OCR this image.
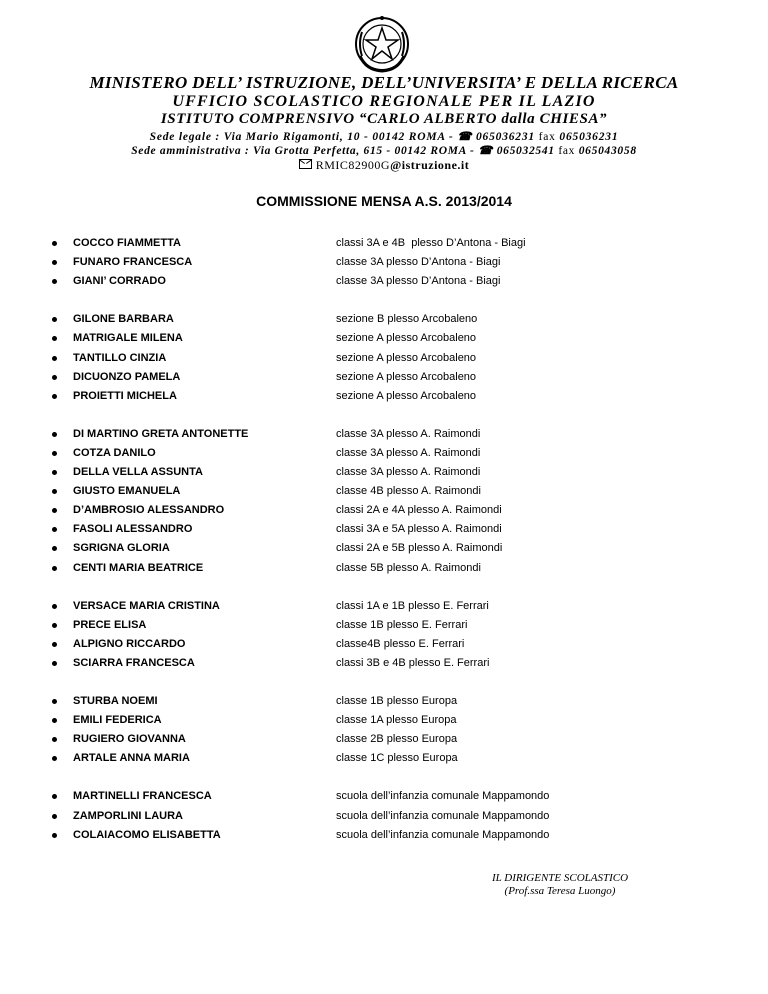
MINISTERO DELL’ ISTRUZIONE, DELL’UNIVERSITA’ E DELLA RICERCA
UFFICIO SCOLASTICO REGIONALE PER IL LAZIO
ISTITUTO COMPRENSIVO “CARLO ALBERTO dalla CHIESA”
Sede legale : Via Mario Rigamonti, 10 - 00142 ROMA - ☎ 065036231 fax 065036231
Sede amministrativa : Via Grotta Perfetta, 615 - 00142 ROMA - ☎ 065032541 fax 065043058
RMIC82900G@istruzione.it
COMMISSIONE MENSA A.S. 2013/2014
COCCO FIAMMETTA	classi 3A e 4B  plesso D’Antona - Biagi
FUNARO FRANCESCA	classe 3A plesso D’Antona - Biagi
GIANI’ CORRADO	classe 3A plesso D’Antona - Biagi
GILONE BARBARA	sezione B plesso Arcobaleno
MATRIGALE MILENA	sezione A plesso Arcobaleno
TANTILLO CINZIA	sezione A plesso Arcobaleno
DICUONZO PAMELA	sezione A plesso Arcobaleno
PROIETTI MICHELA	sezione A plesso Arcobaleno
DI MARTINO GRETA ANTONETTE	classe 3A plesso A. Raimondi
COTZA DANILO	classe 3A plesso A. Raimondi
DELLA VELLA ASSUNTA	classe 3A plesso A. Raimondi
GIUSTO EMANUELA	classe 4B plesso A. Raimondi
D’AMBROSIO ALESSANDRO	classi 2A e 4A plesso A. Raimondi
FASOLI ALESSANDRO	classi 3A e 5A plesso A. Raimondi
SGRIGNA GLORIA	classi 2A e 5B plesso A. Raimondi
CENTI MARIA BEATRICE	classe 5B plesso A. Raimondi
VERSACE MARIA CRISTINA	classi 1A e 1B plesso E. Ferrari
PRECE ELISA	classe 1B plesso E. Ferrari
ALPIGNO RICCARDO	classe4B plesso E. Ferrari
SCIARRA FRANCESCA	classi 3B e 4B plesso E. Ferrari
STURBA NOEMI	classe 1B plesso Europa
EMILI FEDERICA	classe 1A plesso Europa
RUGIERO GIOVANNA	classe 2B plesso Europa
ARTALE ANNA MARIA	classe 1C plesso Europa
MARTINELLI FRANCESCA	scuola dell’infanzia comunale Mappamondo
ZAMPORLINI LAURA	scuola dell’infanzia comunale Mappamondo
COLAIACOMO ELISABETTA	scuola dell’infanzia comunale Mappamondo
IL DIRIGENTE SCOLASTICO
(Prof.ssa Teresa Luongo)
